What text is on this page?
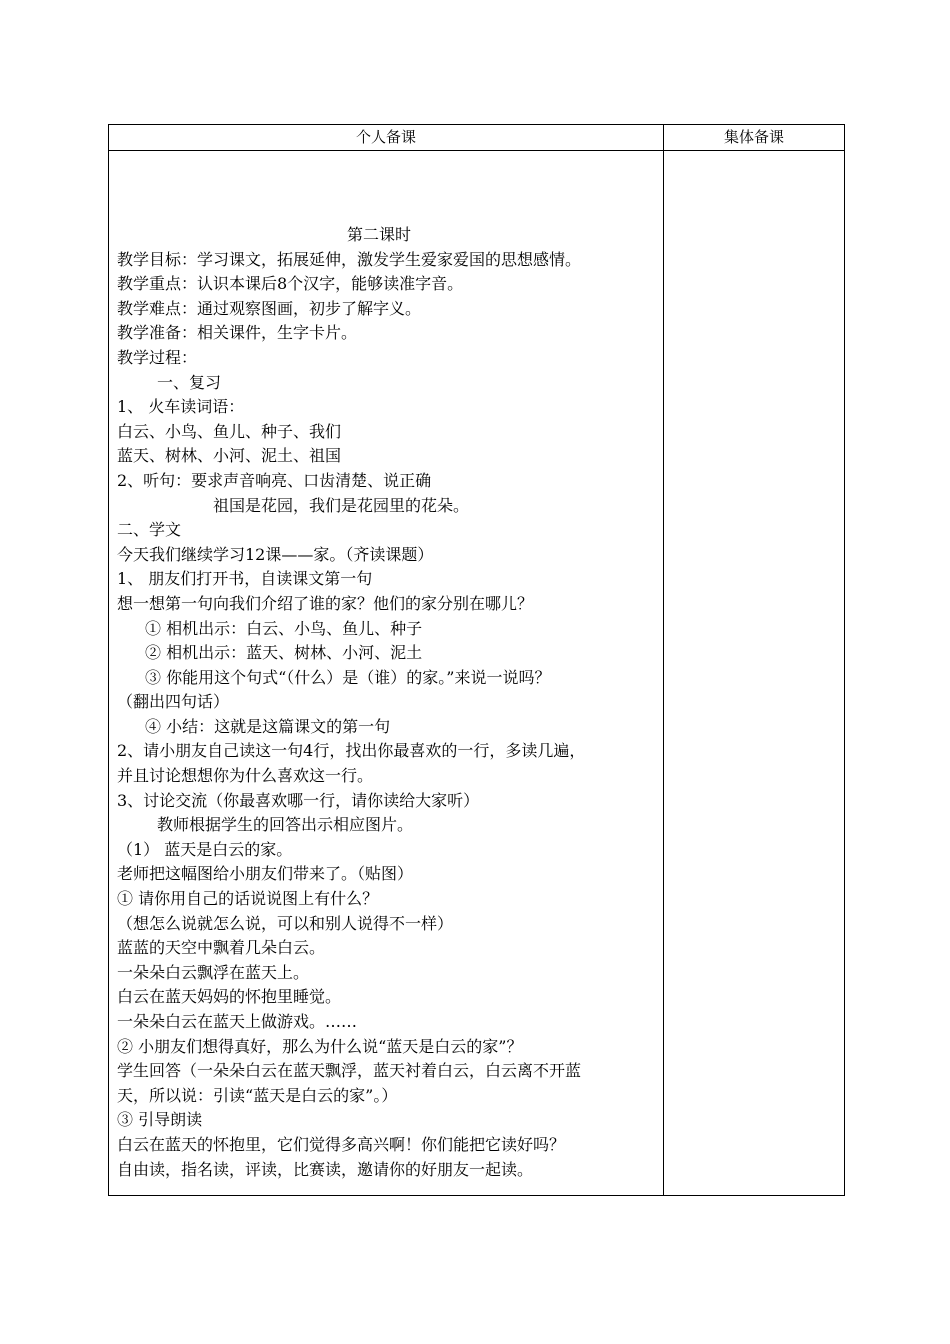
个人备课	集体备课
第二课时
教学目标：学习课文，拓展延伸，激发学生爱家爱国的思想感情。
教学重点：认识本课后8个汉字，能够读准字音。
教学难点：通过观察图画，初步了解字义。
教学准备：相关课件，生字卡片。
教学过程：
一、复习
1、 火车读词语：
白云、小鸟、鱼儿、种子、我们
蓝天、树林、小河、泥土、祖国
2、听句：要求声音响亮、口齿清楚、说正确
祖国是花园，我们是花园里的花朵。
二、学文
今天我们继续学习12课——家。（齐读课题）
1、 朋友们打开书，自读课文第一句
想一想第一句向我们介绍了谁的家？他们的家分别在哪儿？
① 相机出示：白云、小鸟、鱼儿、种子
② 相机出示：蓝天、树林、小河、泥土
③ 你能用这个句式“（什么）是（谁）的家。”来说一说吗？
（翻出四句话）
④ 小结：这就是这篇课文的第一句
2、请小朋友自己读这一句4行，找出你最喜欢的一行，多读几遍，
并且讨论想想你为什么喜欢这一行。
3、讨论交流（你最喜欢哪一行，请你读给大家听）
教师根据学生的回答出示相应图片。
（1） 蓝天是白云的家。
老师把这幅图给小朋友们带来了。（贴图）
① 请你用自己的话说说图上有什么？
（想怎么说就怎么说，可以和别人说得不一样）
蓝蓝的天空中飘着几朵白云。
一朵朵白云飘浮在蓝天上。
白云在蓝天妈妈的怀抱里睡觉。
一朵朵白云在蓝天上做游戏。……
② 小朋友们想得真好，那么为什么说“蓝天是白云的家”？
学生回答（一朵朵白云在蓝天飘浮，蓝天衬着白云，白云离不开蓝
天，所以说：引读“蓝天是白云的家”。）
③ 引导朗读
白云在蓝天的怀抱里，它们觉得多高兴啊！你们能把它读好吗？
自由读，指名读，评读，比赛读，邀请你的好朋友一起读。
